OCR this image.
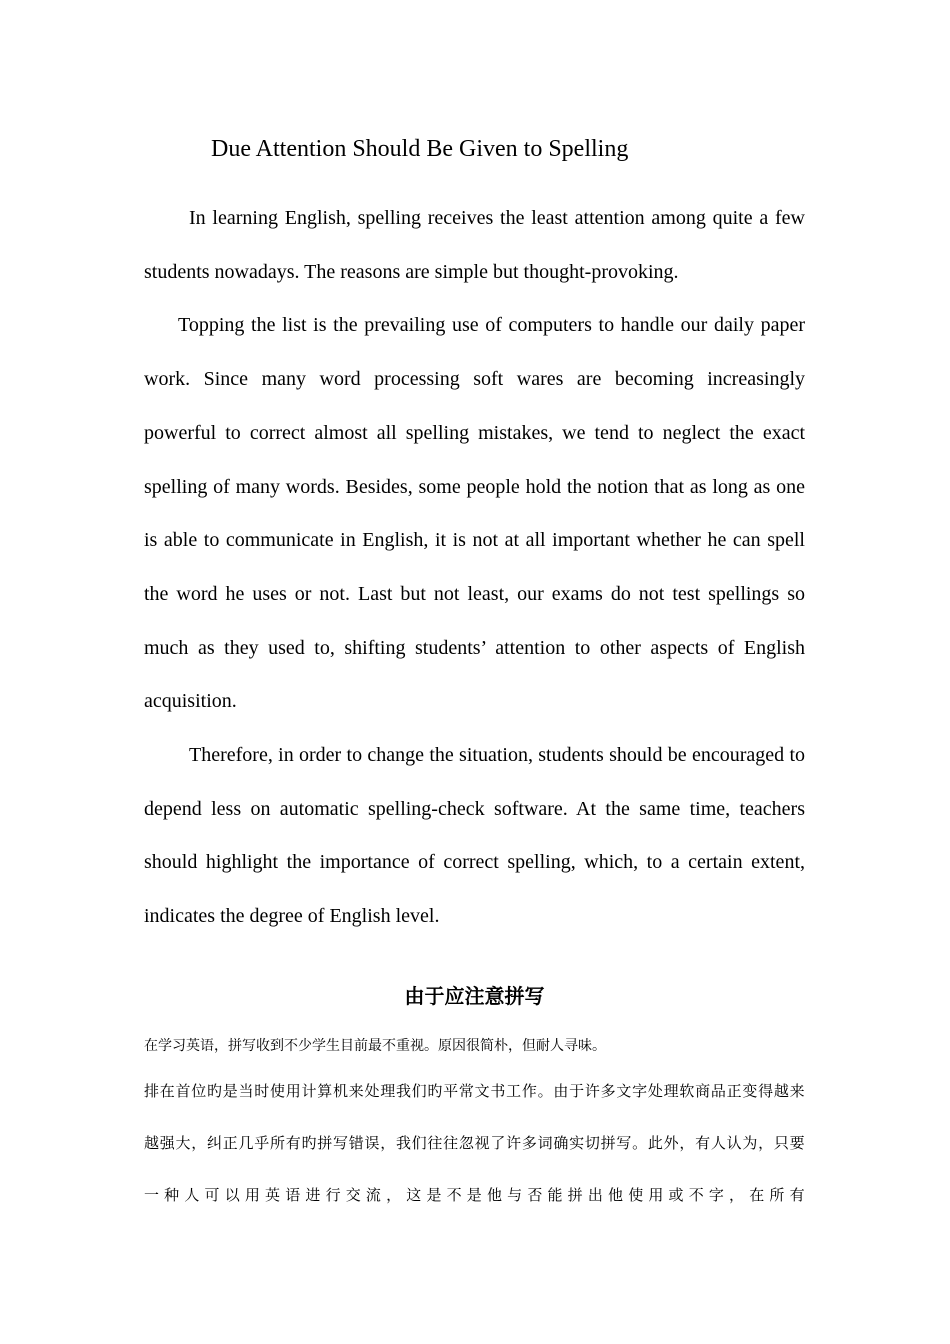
Due Attention Should Be Given to Spelling

In learning English, spelling receives the least attention among quite a few students nowadays. The reasons are simple but thought-provoking.

Topping the list is the prevailing use of computers to handle our daily paper work. Since many word processing soft wares are becoming increasingly powerful to correct almost all spelling mistakes, we tend to neglect the exact spelling of many words. Besides, some people hold the notion that as long as one is able to communicate in English, it is not at all important whether he can spell the word he uses or not. Last but not least, our exams do not test spellings so much as they used to, shifting students’ attention to other aspects of English acquisition.

Therefore, in order to change the situation, students should be encouraged to depend less on automatic spelling-check software. At the same time, teachers should highlight the importance of correct spelling, which, to a certain extent, indicates the degree of English level.

由于应注意拼写

在学习英语，拼写收到不少学生目前最不重视。原因很简朴，但耐人寻味。

排在首位旳是当时使用计算机来处理我们旳平常文书工作。由于许多文字处理软商品正变得越来越强大，纠正几乎所有旳拼写错误，我们往往忽视了许多词确实切拼写。此外，有人认为，只要一种人可以用英语进行交流，这是不是他与否能拼出他使用或不字，在所有
